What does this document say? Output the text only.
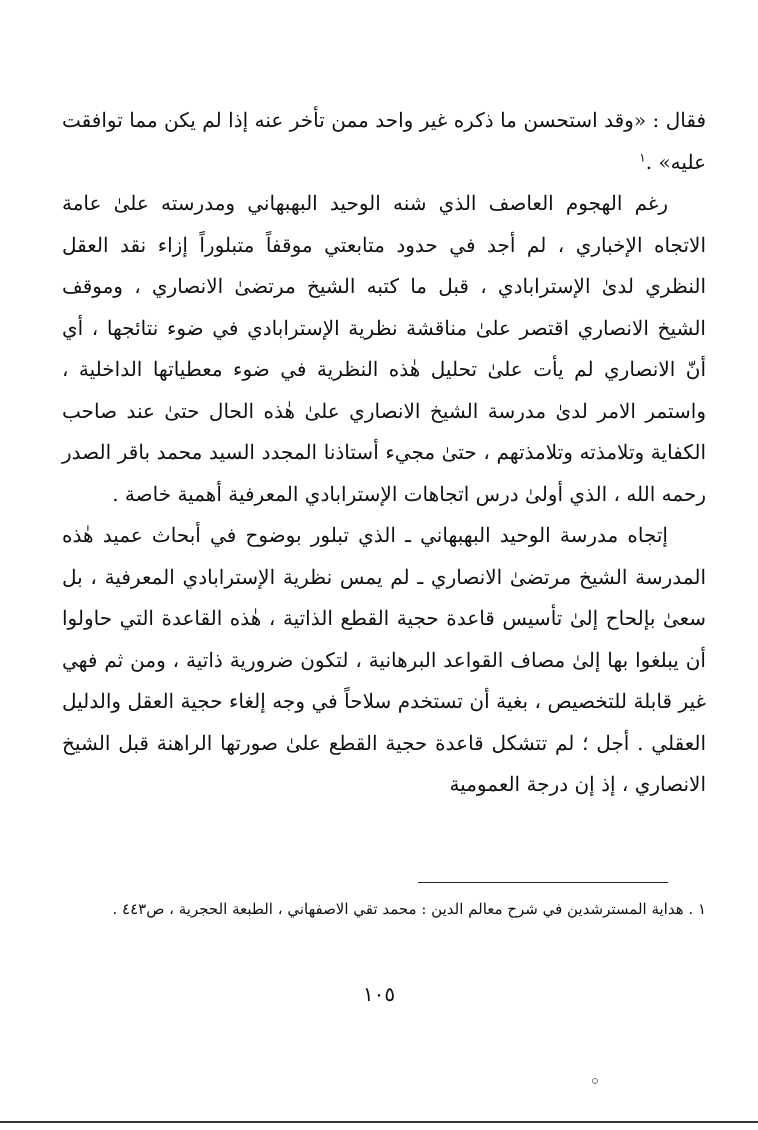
فقال : «وقد استحسن ما ذكره غير واحد ممن تأخر عنه إذا لم يكن مما توافقت عليه» .$^١$

رغم الهجوم العاصف الذي شنه الوحيد البهبهاني ومدرسته علىٰ عامة الاتجاه الإخباري ، لم أجد في حدود متابعتي موقفاً متبلوراً إزاء نقد العقل النظري لدىٰ الإسترابادي ، قبل ما كتبه الشيخ مرتضىٰ الانصاري ، وموقف الشيخ الانصاري اقتصر علىٰ مناقشة نظرية الإسترابادي في ضوء نتائجها ، أي أنّ الانصاري لم يأت علىٰ تحليل هٰذه النظرية في ضوء معطياتها الداخلية ، واستمر الامر لدىٰ مدرسة الشيخ الانصاري علىٰ هٰذه الحال حتىٰ عند صاحب الكفاية وتلامذته وتلامذتهم ، حتىٰ مجيء أستاذنا المجدد السيد محمد باقر الصدر رحمه الله ، الذي أولىٰ درس اتجاهات الإسترابادي المعرفية أهمية خاصة .

إتجاه مدرسة الوحيد البهبهاني ـ الذي تبلور بوضوح في أبحاث عميد هٰذه المدرسة الشيخ مرتضىٰ الانصاري ـ لم يمس نظرية الإسترابادي المعرفية ، بل سعىٰ بإلحاح إلىٰ تأسيس قاعدة حجية القطع الذاتية ، هٰذه القاعدة التي حاولوا أن يبلغوا بها إلىٰ مصاف القواعد البرهانية ، لتكون ضرورية ذاتية ، ومن ثم فهي غير قابلة للتخصيص ، بغية أن تستخدم سلاحاً في وجه إلغاء حجية العقل والدليل العقلي . أجل ؛ لم تتشكل قاعدة حجية القطع علىٰ صورتها الراهنة قبل الشيخ الانصاري ، إذ إن درجة العمومية

١ . هداية المسترشدين في شرح معالم الدين : محمد تقي الاصفهاني ، الطبعة الحجرية ، ص٤٤٣ .

١٠٥
